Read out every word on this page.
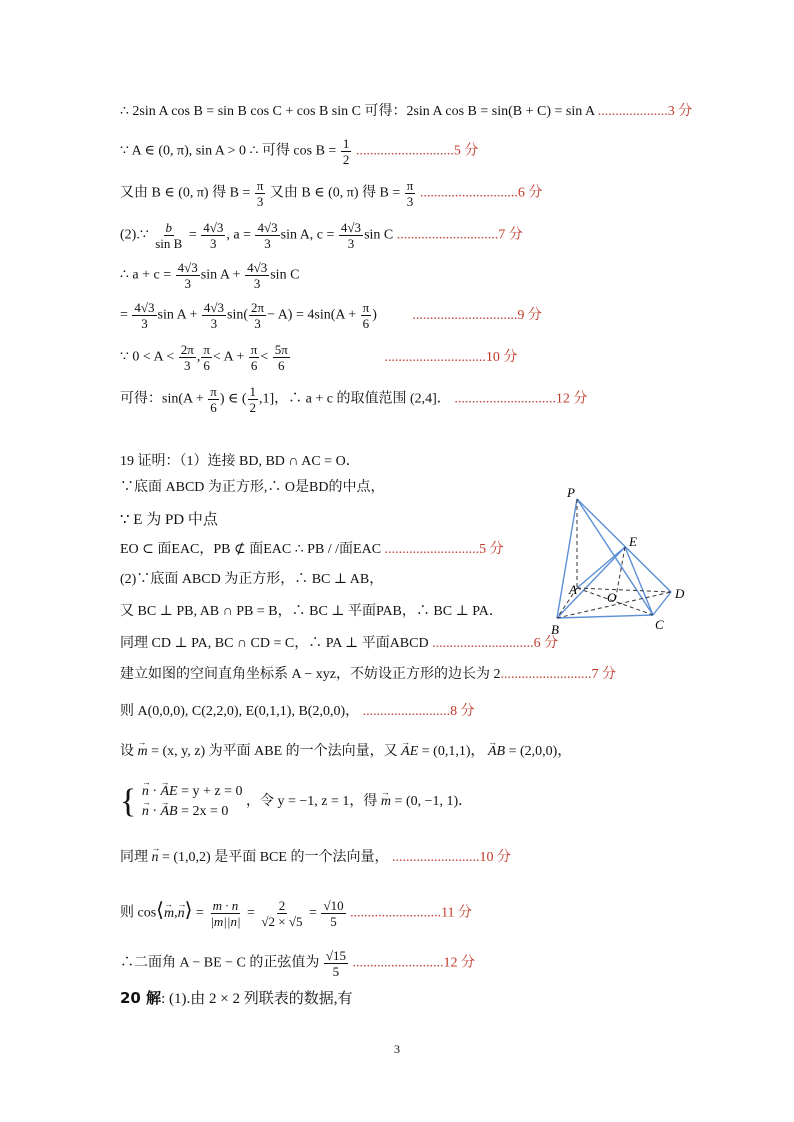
∴ 2sin A cos B = sin B cos C + cos B sin C 可得：2sin A cos B = sin(B + C) = sin A ....................3 分
∵ A ∈ (0, π), sin A > 0 ∴ 可得 $\cos B = \frac{1}{2} ............................5$ 分
又由 B ∈ (0, π) 得 $B = \frac{\pi}{3}$ 又由 B ∈ (0, π) 得 $B = \frac{\pi}{3} ............................6$ 分
(2).∵ $\frac{b}{\text{sin B}} = \frac{4√3}{3}$ , $a = \frac{4√3}{3}$ sin A, $c = \frac{4√3}{3}$ sin C .............................7 分
∴ $a + c = \frac{4√3}{3}$ $\sin A + \frac{4√3}{3}$ sin C
= $\frac{4√3}{3}$ $\sin A + \frac{4√3}{3} \sin( \frac{2\pi}{3} - A) = 4\sin(A + \frac{\pi}{6}$ )	..............................9 分
∵ $0 < A < \frac{2\pi}{3}$ , $\frac{\pi}{6} < A + \frac{\pi}{6} < \frac{5\pi}{6}$	.............................10 分
可得：$\sin(A + \frac{\pi}{6}$ ) ∈ ( $\frac{1}{2} ,1$]，∴ a + c 的取值范围 (2,4]． .............................12 分
19 证明：（1）连接 BD, BD ∩ AC = O．
∵底面 ABCD 为正方形,∴ O是BD的中点，
∵ E 为 PD 中点
EO ⊂ 面EAC，PB ⊄ 面EAC ∴ PB / /面EAC ...........................5 分
(2)∵底面 ABCD 为正方形，∴ BC ⊥ AB，
又 BC ⊥ PB, AB ∩ PB = B，∴ BC ⊥ 平面PAB，∴ BC ⊥ PA．
同理 CD ⊥ PA, BC ∩ CD = C，∴ PA ⊥ 平面ABCD .............................6 分
建立如图的空间直角坐标系 A − xyz，不妨设正方形的边长为 2..........................7 分
则 A(0,0,0), C(2,2,0), E(0,1,1), B(2,0,0)， .........................8 分
设 → m = (x, y, z) 为平面 ABE 的一个法向量，又 → AE = (0,1,1)， → AB = (2,0,0)，
{ → n · → AE = y + z = 0
→ n · → AB = 2x = 0
，令 y = −1, z = 1，得 → m = (0, −1, 1)．
同理 → n = (1,0,2) 是平面 BCE 的一个法向量， .........................10 分
则 cos⟨→ m,→ n⟩ = $\frac{m \cdot n}{|m||n|} = \frac{2}{√2 \times √5} = \frac{√10}{5} ..........................11$ 分
∴二面角 A − BE − C 的正弦值为 $\frac{√15}{5} ..........................12$ 分
20 解: (1).由 2 × 2 列联表的数据,有
P
E
A
O	D
B	C
3
